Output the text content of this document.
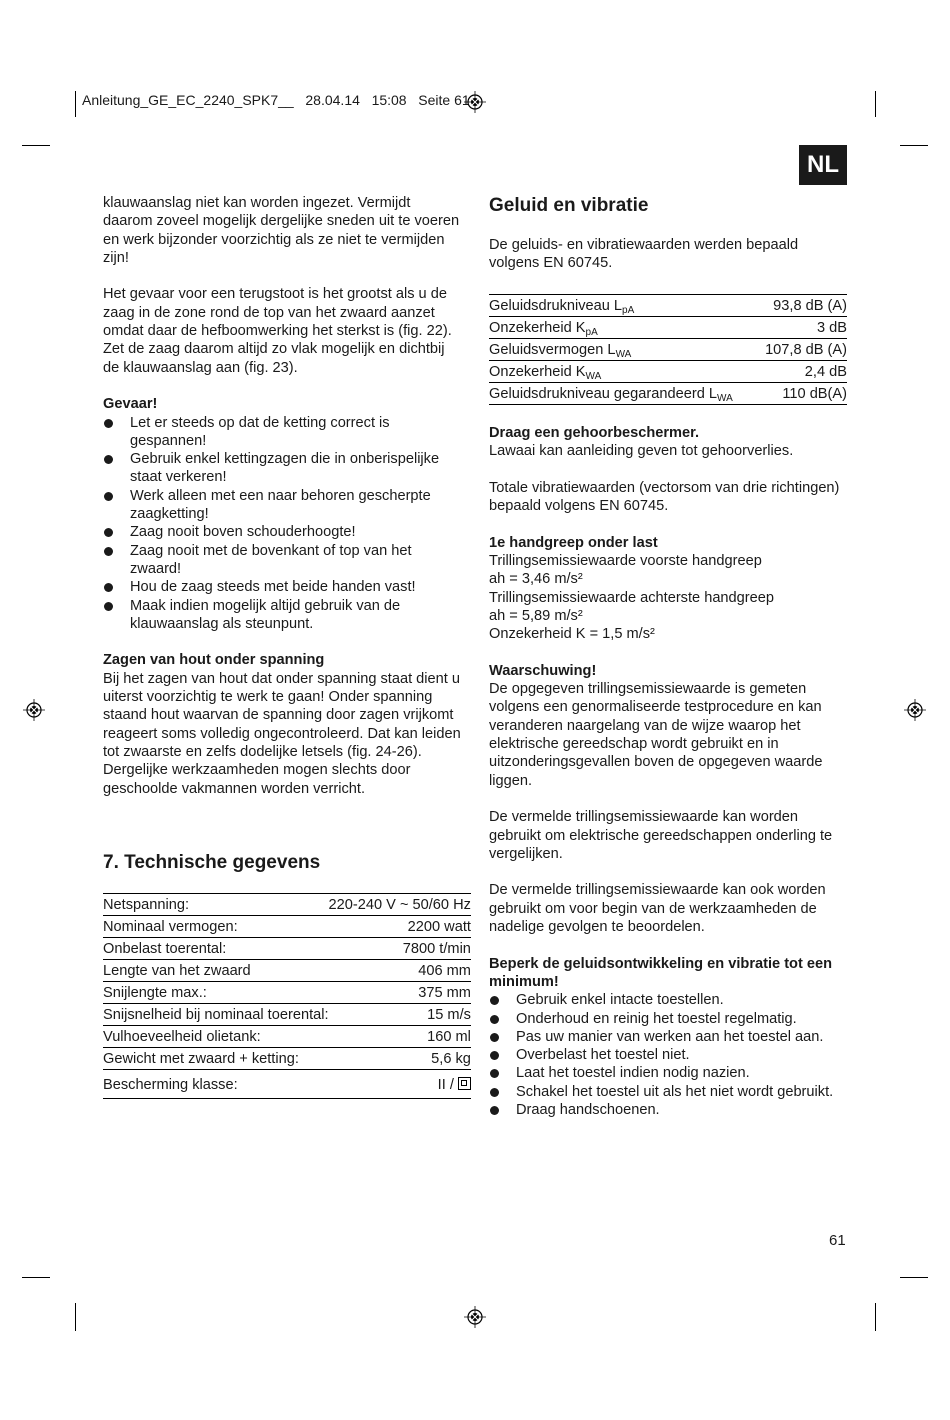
Anleitung_GE_EC_2240_SPK7__ 28.04.14 15:08 Seite 61
NL

klauwaanslag niet kan worden ingezet. Vermijdt daarom zoveel mogelijk dergelijke sneden uit te voeren en werk bijzonder voorzichtig als ze niet te vermijden zijn!

Het gevaar voor een terugstoot is het grootst als u de zaag in de zone rond de top van het zwaard aanzet omdat daar de hefboomwerking het sterkst is (fig. 22). Zet de zaag daarom altijd zo vlak mogelijk en dichtbij de klauwaanslag aan (fig. 23).

Gevaar!

Let er steeds op dat de ketting correct is gespannen!
Gebruik enkel kettingzagen die in onberispelijke staat verkeren!
Werk alleen met een naar behoren gescherpte zaagketting!
Zaag nooit boven schouderhoogte!
Zaag nooit met de bovenkant of top van het zwaard!
Hou de zaag steeds met beide handen vast!
Maak indien mogelijk altijd gebruik van de klauwaanslag als steunpunt.

Zagen van hout onder spanning

Bij het zagen van hout dat onder spanning staat dient u uiterst voorzichtig te werk te gaan! Onder spanning staand hout waarvan de spanning door zagen vrijkomt reageert soms volledig ongecontroleerd. Dat kan leiden tot zwaarste en zelfs dodelijke letsels (fig. 24-26).

Dergelijke werkzaamheden mogen slechts door geschoolde vakmannen worden verricht.

7. Technische gegevens
Netspanning:	220-240 V ~ 50/60 Hz
Nominaal vermogen:	2200 watt
Onbelast toerental:	7800 t/min
Lengte van het zwaard	406 mm
Snijlengte max.:	375 mm
Snijsnelheid bij nominaal toerental:	15 m/s
Vulhoeveelheid olietank:	160 ml
Gewicht met zwaard + ketting:	5,6 kg
Bescherming klasse:	II /
Geluid en vibratie

De geluids- en vibratiewaarden werden bepaald volgens EN 60745.

Geluidsdrukniveau $L_{pA}$	93,8 dB (A)
Onzekerheid $K_{pA}$	3 dB
Geluidsvermogen $L_{WA}$	107,8 dB (A)
Onzekerheid $K_{WA}$	2,4 dB
Geluidsdrukniveau gegarandeerd $L_{WA}$	110 dB(A)

Draag een gehoorbeschermer.

Lawaai kan aanleiding geven tot gehoorverlies.

Totale vibratiewaarden (vectorsom van drie richtingen) bepaald volgens EN 60745.

1e handgreep onder last

Trillingsemissiewaarde voorste handgreep

ah = 3,46 m/s²

Trillingsemissiewaarde achterste handgreep

ah = 5,89 m/s²

Onzekerheid K = 1,5 m/s²

Waarschuwing!

De opgegeven trillingsemissiewaarde is gemeten volgens een genormaliseerde testprocedure en kan veranderen naargelang van de wijze waarop het elektrische gereedschap wordt gebruikt en in uitzonderingsgevallen boven de opgegeven waarde liggen.

De vermelde trillingsemissiewaarde kan worden gebruikt om elektrische gereedschappen onderling te vergelijken.

De vermelde trillingsemissiewaarde kan ook worden gebruikt om voor begin van de werkzaamheden de nadelige gevolgen te beoordelen.

Beperk de geluidsontwikkeling en vibratie tot een minimum!

Gebruik enkel intacte toestellen.
Onderhoud en reinig het toestel regelmatig.
Pas uw manier van werken aan het toestel aan.
Overbelast het toestel niet.
Laat het toestel indien nodig nazien.
Schakel het toestel uit als het niet wordt gebruikt.
Draag handschoenen.
61
